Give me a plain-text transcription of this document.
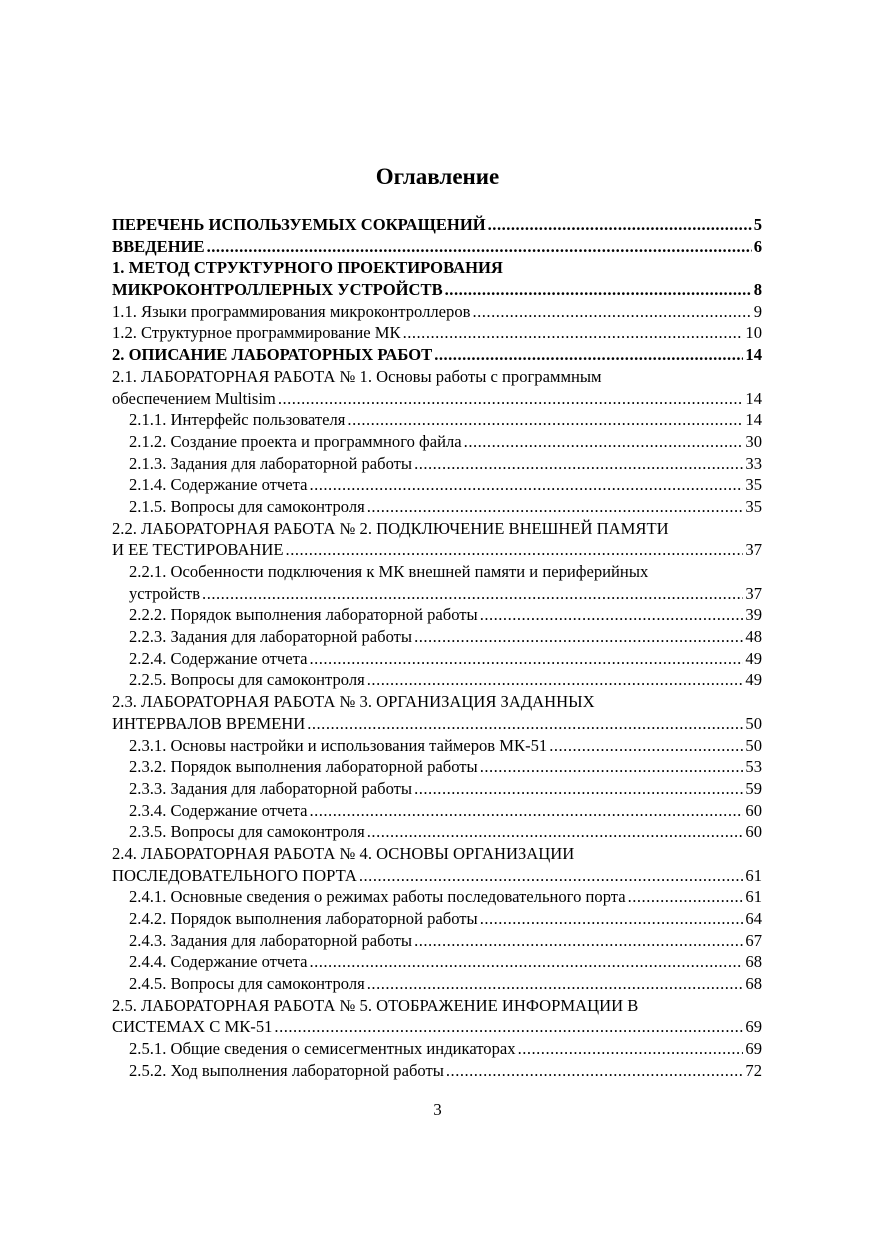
Оглавление
ПЕРЕЧЕНЬ ИСПОЛЬЗУЕМЫХ СОКРАЩЕНИЙ .....	5
ВВЕДЕНИЕ .....	6
1. МЕТОД СТРУКТУРНОГО ПРОЕКТИРОВАНИЯ
МИКРОКОНТРОЛЛЕРНЫХ УСТРОЙСТВ .....	8
1.1. Языки программирования микроконтроллеров .....	9
1.2. Структурное программирование МК .....	10
2. ОПИСАНИЕ ЛАБОРАТОРНЫХ РАБОТ .....	14
2.1. ЛАБОРАТОРНАЯ РАБОТА № 1. Основы работы с программным
обеспечением Multisim .....	14
2.1.1. Интерфейс пользователя .....	14
2.1.2. Создание проекта и программного файла .....	30
2.1.3. Задания для лабораторной работы .....	33
2.1.4. Содержание отчета .....	35
2.1.5. Вопросы для самоконтроля .....	35
2.2. ЛАБОРАТОРНАЯ РАБОТА № 2. ПОДКЛЮЧЕНИЕ ВНЕШНЕЙ ПАМЯТИ
И ЕЕ ТЕСТИРОВАНИЕ .....	37
2.2.1. Особенности подключения к МК внешней памяти и периферийных
устройств .....	37
2.2.2. Порядок выполнения лабораторной работы .....	39
2.2.3. Задания для лабораторной работы .....	48
2.2.4. Содержание отчета .....	49
2.2.5. Вопросы для самоконтроля .....	49
2.3. ЛАБОРАТОРНАЯ РАБОТА № 3. ОРГАНИЗАЦИЯ ЗАДАННЫХ
ИНТЕРВАЛОВ ВРЕМЕНИ .....	50
2.3.1. Основы настройки и использования таймеров МК-51 .....	50
2.3.2. Порядок выполнения лабораторной работы .....	53
2.3.3. Задания для лабораторной работы .....	59
2.3.4. Содержание отчета .....	60
2.3.5. Вопросы для самоконтроля .....	60
2.4. ЛАБОРАТОРНАЯ РАБОТА № 4. ОСНОВЫ ОРГАНИЗАЦИИ
ПОСЛЕДОВАТЕЛЬНОГО ПОРТА .....	61
2.4.1. Основные сведения о режимах работы последовательного порта .....	61
2.4.2. Порядок выполнения лабораторной работы .....	64
2.4.3. Задания для лабораторной работы .....	67
2.4.4. Содержание отчета .....	68
2.4.5. Вопросы для самоконтроля .....	68
2.5. ЛАБОРАТОРНАЯ РАБОТА № 5. ОТОБРАЖЕНИЕ ИНФОРМАЦИИ В
СИСТЕМАХ С МК-51 .....	69
2.5.1. Общие сведения о семисегментных индикаторах .....	69
2.5.2. Ход выполнения лабораторной работы .....	72
3
